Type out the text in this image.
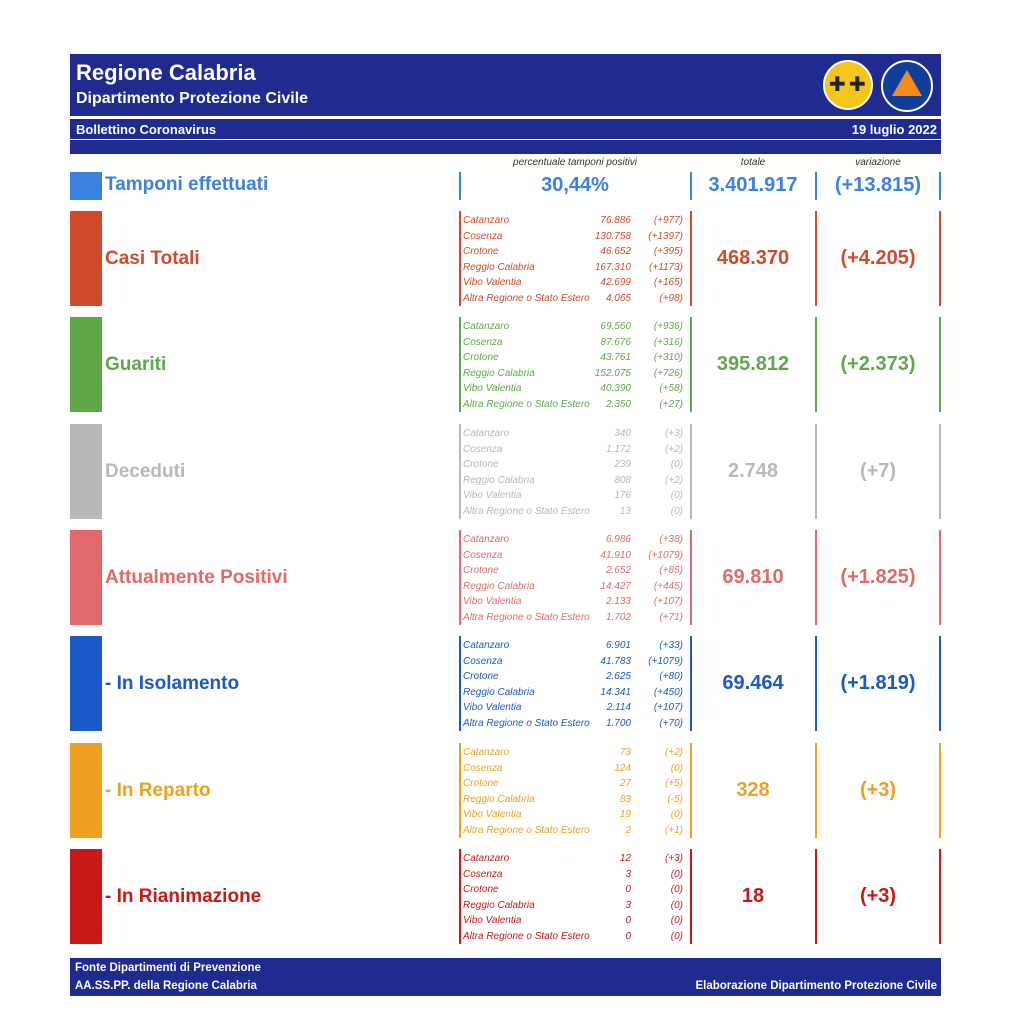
Regione Calabria
Dipartimento Protezione Civile
✚ ✚
Bollettino Coronavirus	19 luglio 2022
percentuale tamponi positivi	totale	variazione
Tamponi effettuati	30,44%	3.401.917	(+13.815)
Casi Totali
Catanzaro	76.886 (+977)
Cosenza	130.758 (+1397)
Crotone	46.652 (+395)
Reggio Calabria	167.310 (+1173)
Vibo Valentia	42.699 (+165)
Altra Regione o Stato Estero 4.065	(+98)
468.370	(+4.205)
Guariti
Catanzaro	69.560 (+936)
Cosenza	87.676 (+316)
Crotone	43.761 (+310)
Reggio Calabria	152.075 (+726)
Vibo Valentia	40.390	(+58)
Altra Regione o Stato Estero 2.350	(+27)
395.812	(+2.373)
Deceduti
Catanzaro	340	(+3)
Cosenza	1.172	(+2)
Crotone	239	(0)
Reggio Calabria	808	(+2)
Vibo Valentia	176	(0)
Altra Regione o Stato Estero	13	(0)
2.748	(+7)
Attualmente Positivi
Catanzaro	6.986	(+38)
Cosenza	41.910 (+1079)
Crotone	2.652	(+85)
Reggio Calabria	14.427 (+445)
Vibo Valentia	2.133 (+107)
Altra Regione o Stato Estero 1.702	(+71)
69.810	(+1.825)
- In Isolamento
Catanzaro	6.901	(+33)
Cosenza	41.783 (+1079)
Crotone	2.625	(+80)
Reggio Calabria	14.341 (+450)
Vibo Valentia	2.114 (+107)
Altra Regione o Stato Estero 1.700	(+70)
69.464	(+1.819)
- In Reparto
Catanzaro	73	(+2)
Cosenza	124	(0)
Crotone	27	(+5)
Reggio Calabria	83	(-5)
Vibo Valentia	19	(0)
Altra Regione o Stato Estero	2	(+1)
328	(+3)
- In Rianimazione
Catanzaro	12	(+3)
Cosenza	3	(0)
Crotone	0	(0)
Reggio Calabria	3	(0)
Vibo Valentia	0	(0)
Altra Regione o Stato Estero	0	(0)
18	(+3)
Fonte Dipartimenti di Prevenzione
AA.SS.PP. della Regione Calabria	Elaborazione Dipartimento Protezione Civile
